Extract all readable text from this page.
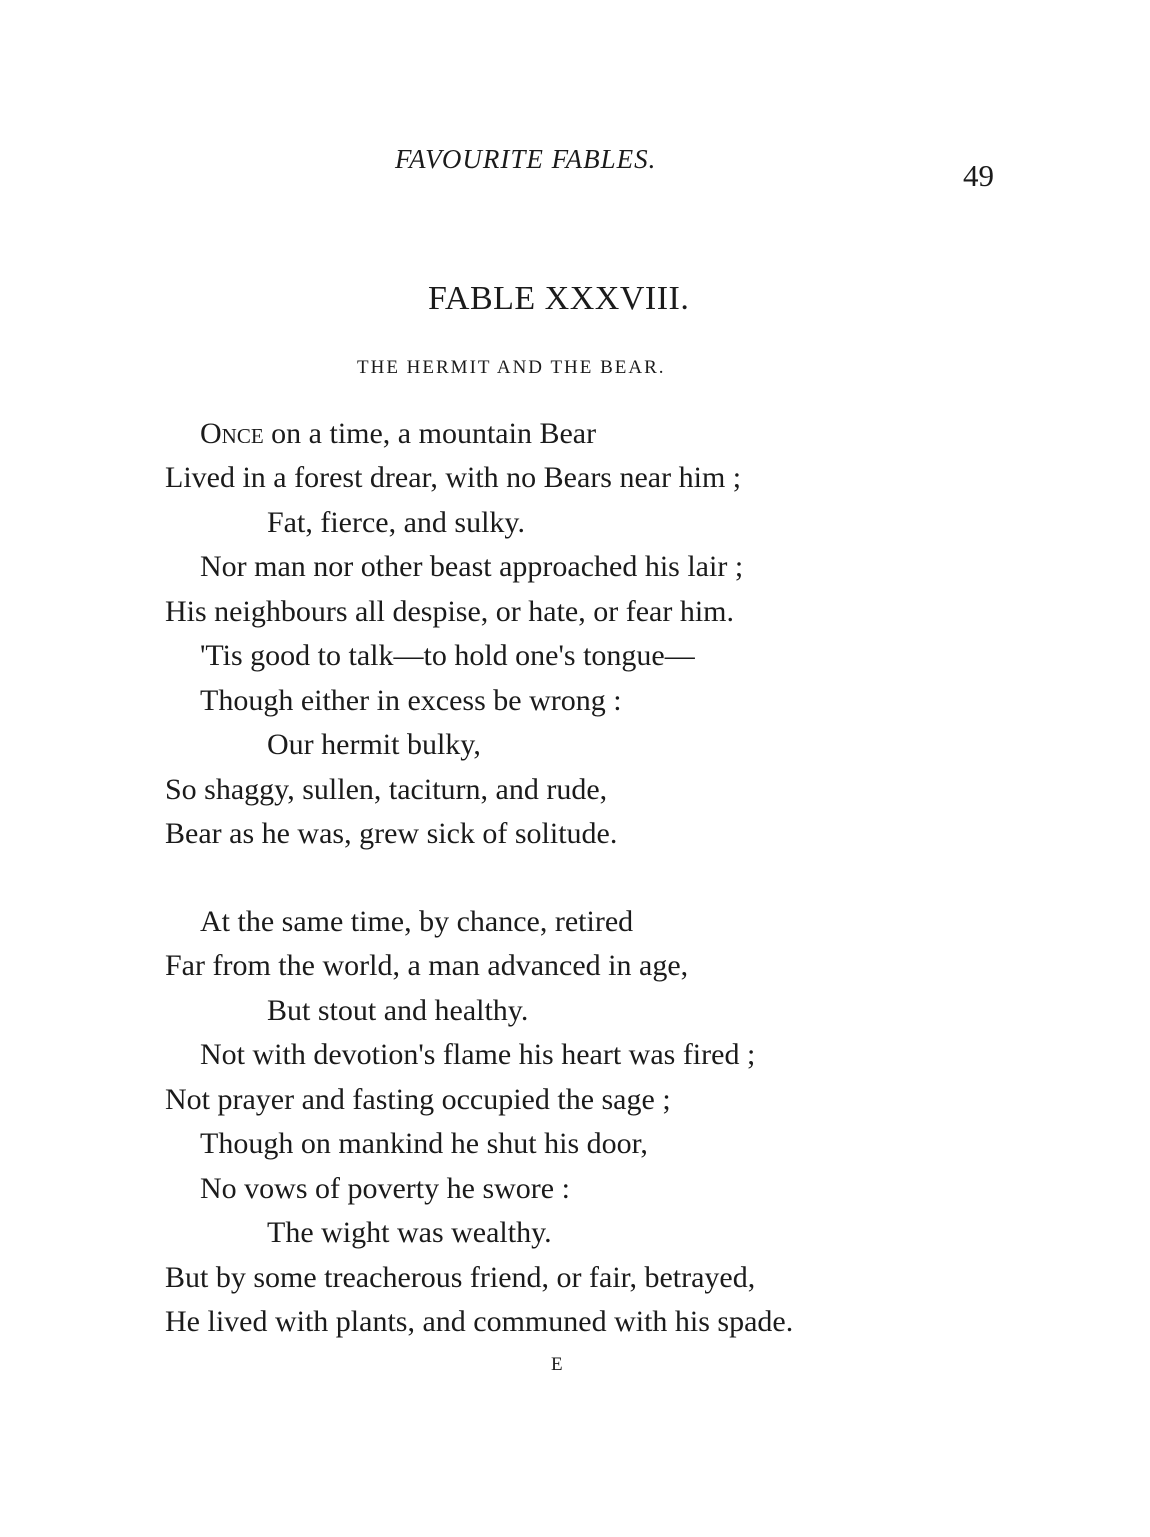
FAVOURITE FABLES.	49
FABLE XXXVIII.
THE HERMIT AND THE BEAR.
Once on a time, a mountain Bear
Lived in a forest drear, with no Bears near him ;
Fat, fierce, and sulky.
Nor man nor other beast approached his lair ;
His neighbours all despise, or hate, or fear him.
'Tis good to talk—to hold one's tongue—
Though either in excess be wrong :
Our hermit bulky,
So shaggy, sullen, taciturn, and rude,
Bear as he was, grew sick of solitude.
At the same time, by chance, retired
Far from the world, a man advanced in age,
But stout and healthy.
Not with devotion's flame his heart was fired ;
Not prayer and fasting occupied the sage ;
Though on mankind he shut his door,
No vows of poverty he swore :
The wight was wealthy.
But by some treacherous friend, or fair, betrayed,
He lived with plants, and communed with his spade.
E
